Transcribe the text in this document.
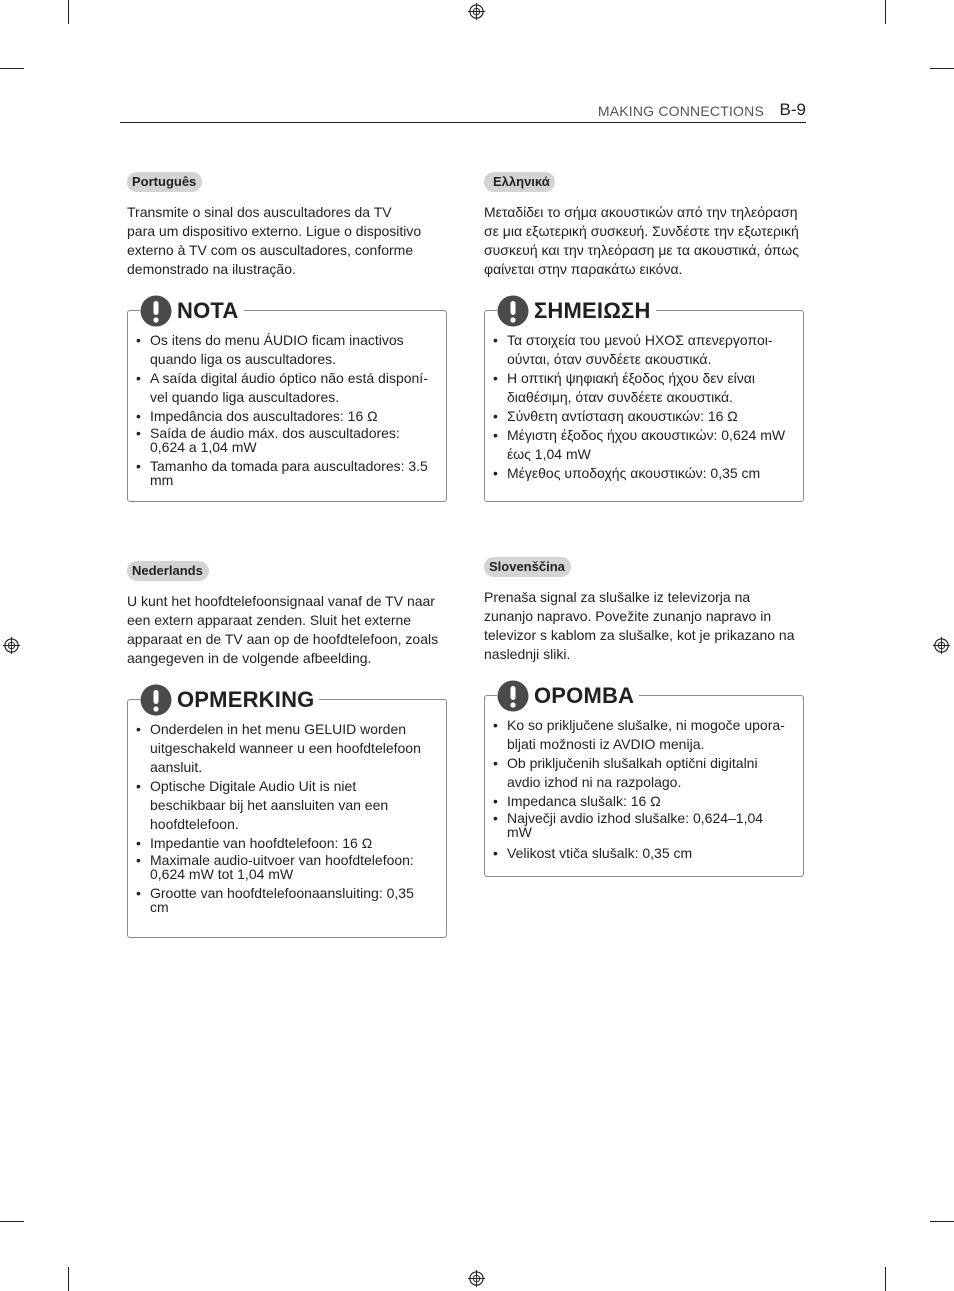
MAKING CONNECTIONS B-9
Português

Transmite o sinal dos auscultadores da TV
para um dispositivo externo. Ligue o dispositivo
externo à TV com os auscultadores, conforme
demonstrado na ilustração.

NOTA
• Os itens do menu ÁUDIO ficam inactivos
quando liga os auscultadores.
• A saída digital áudio óptico não está disponí-
vel quando liga auscultadores.
• Impedância dos auscultadores: 16 Ω
• Saída de áudio máx. dos auscultadores:
0,624 a 1,04 mW
• Tamanho da tomada para auscultadores: 3.5
mm
Ελληνικά

Μεταδίδει το σήμα ακουστικών από την τηλεόραση
σε μια εξωτερική συσκευή. Συνδέστε την εξωτερική
συσκευή και την τηλεόραση με τα ακουστικά, όπως
φαίνεται στην παρακάτω εικόνα.

ΣΗΜΕΙΩΣΗ
• Τα στοιχεία του μενού ΗΧΟΣ απενεργοποι-
ούνται, όταν συνδέετε ακουστικά.
• Η οπτική ψηφιακή έξοδος ήχου δεν είναι
διαθέσιμη, όταν συνδέετε ακουστικά.
• Σύνθετη αντίσταση ακουστικών: 16 Ω
• Μέγιστη έξοδος ήχου ακουστικών: 0,624 mW
έως 1,04 mW
• Μέγεθος υποδοχής ακουστικών: 0,35 cm
Nederlands

U kunt het hoofdtelefoonsignaal vanaf de TV naar
een extern apparaat zenden. Sluit het externe
apparaat en de TV aan op de hoofdtelefoon, zoals
aangegeven in de volgende afbeelding.

OPMERKING
• Onderdelen in het menu GELUID worden
uitgeschakeld wanneer u een hoofdtelefoon
aansluit.
• Optische Digitale Audio Uit is niet
beschikbaar bij het aansluiten van een
hoofdtelefoon.
• Impedantie van hoofdtelefoon: 16 Ω
• Maximale audio-uitvoer van hoofdtelefoon:
0,624 mW tot 1,04 mW
• Grootte van hoofdtelefoonaansluiting: 0,35
cm
Slovenščina

Prenaša signal za slušalke iz televizorja na
zunanjo napravo. Povežite zunanjo napravo in
televizor s kablom za slušalke, kot je prikazano na
naslednji sliki.

OPOMBA
• Ko so priključene slušalke, ni mogoče upora-
bljati možnosti iz AVDIO menija.
• Ob priključenih slušalkah optični digitalni
avdio izhod ni na razpolago.
• Impedanca slušalk: 16 Ω
• Največji avdio izhod slušalke: 0,624–1,04
mW
• Velikost vtiča slušalk: 0,35 cm
